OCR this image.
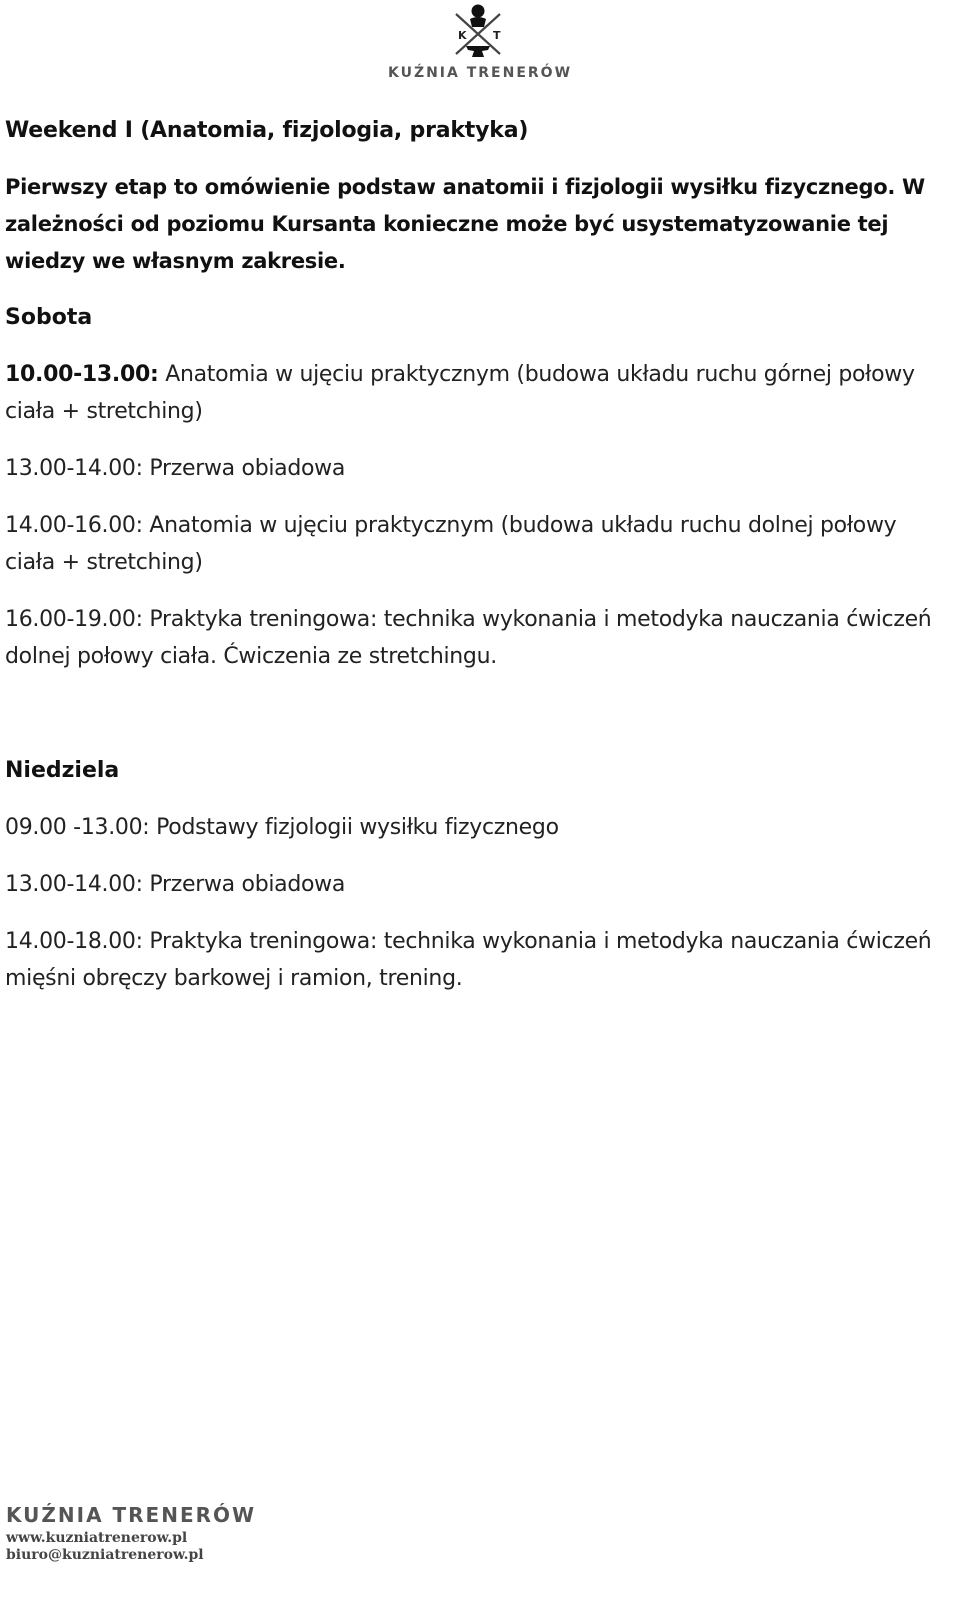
K T
KUŹNIA TRENERÓW
Weekend I (Anatomia, fizjologia, praktyka)
Pierwszy etap to omówienie podstaw anatomii i fizjologii wysiłku fizycznego. W zależności od poziomu Kursanta konieczne może być usystematyzowanie tej wiedzy we własnym zakresie.
Sobota
10.00-13.00: Anatomia w ujęciu praktycznym (budowa układu ruchu górnej połowy ciała + stretching)
13.00-14.00: Przerwa obiadowa
14.00-16.00: Anatomia w ujęciu praktycznym (budowa układu ruchu dolnej połowy ciała + stretching)
16.00-19.00: Praktyka treningowa: technika wykonania i metodyka nauczania ćwiczeń dolnej połowy ciała. Ćwiczenia ze stretchingu.
Niedziela
09.00 -13.00: Podstawy fizjologii wysiłku fizycznego
13.00-14.00: Przerwa obiadowa
14.00-18.00: Praktyka treningowa: technika wykonania i metodyka nauczania ćwiczeń mięśni obręczy barkowej i ramion, trening.
KUŹNIA TRENERÓW
www.kuzniatrenerow.pl
biuro@kuzniatrenerow.pl
